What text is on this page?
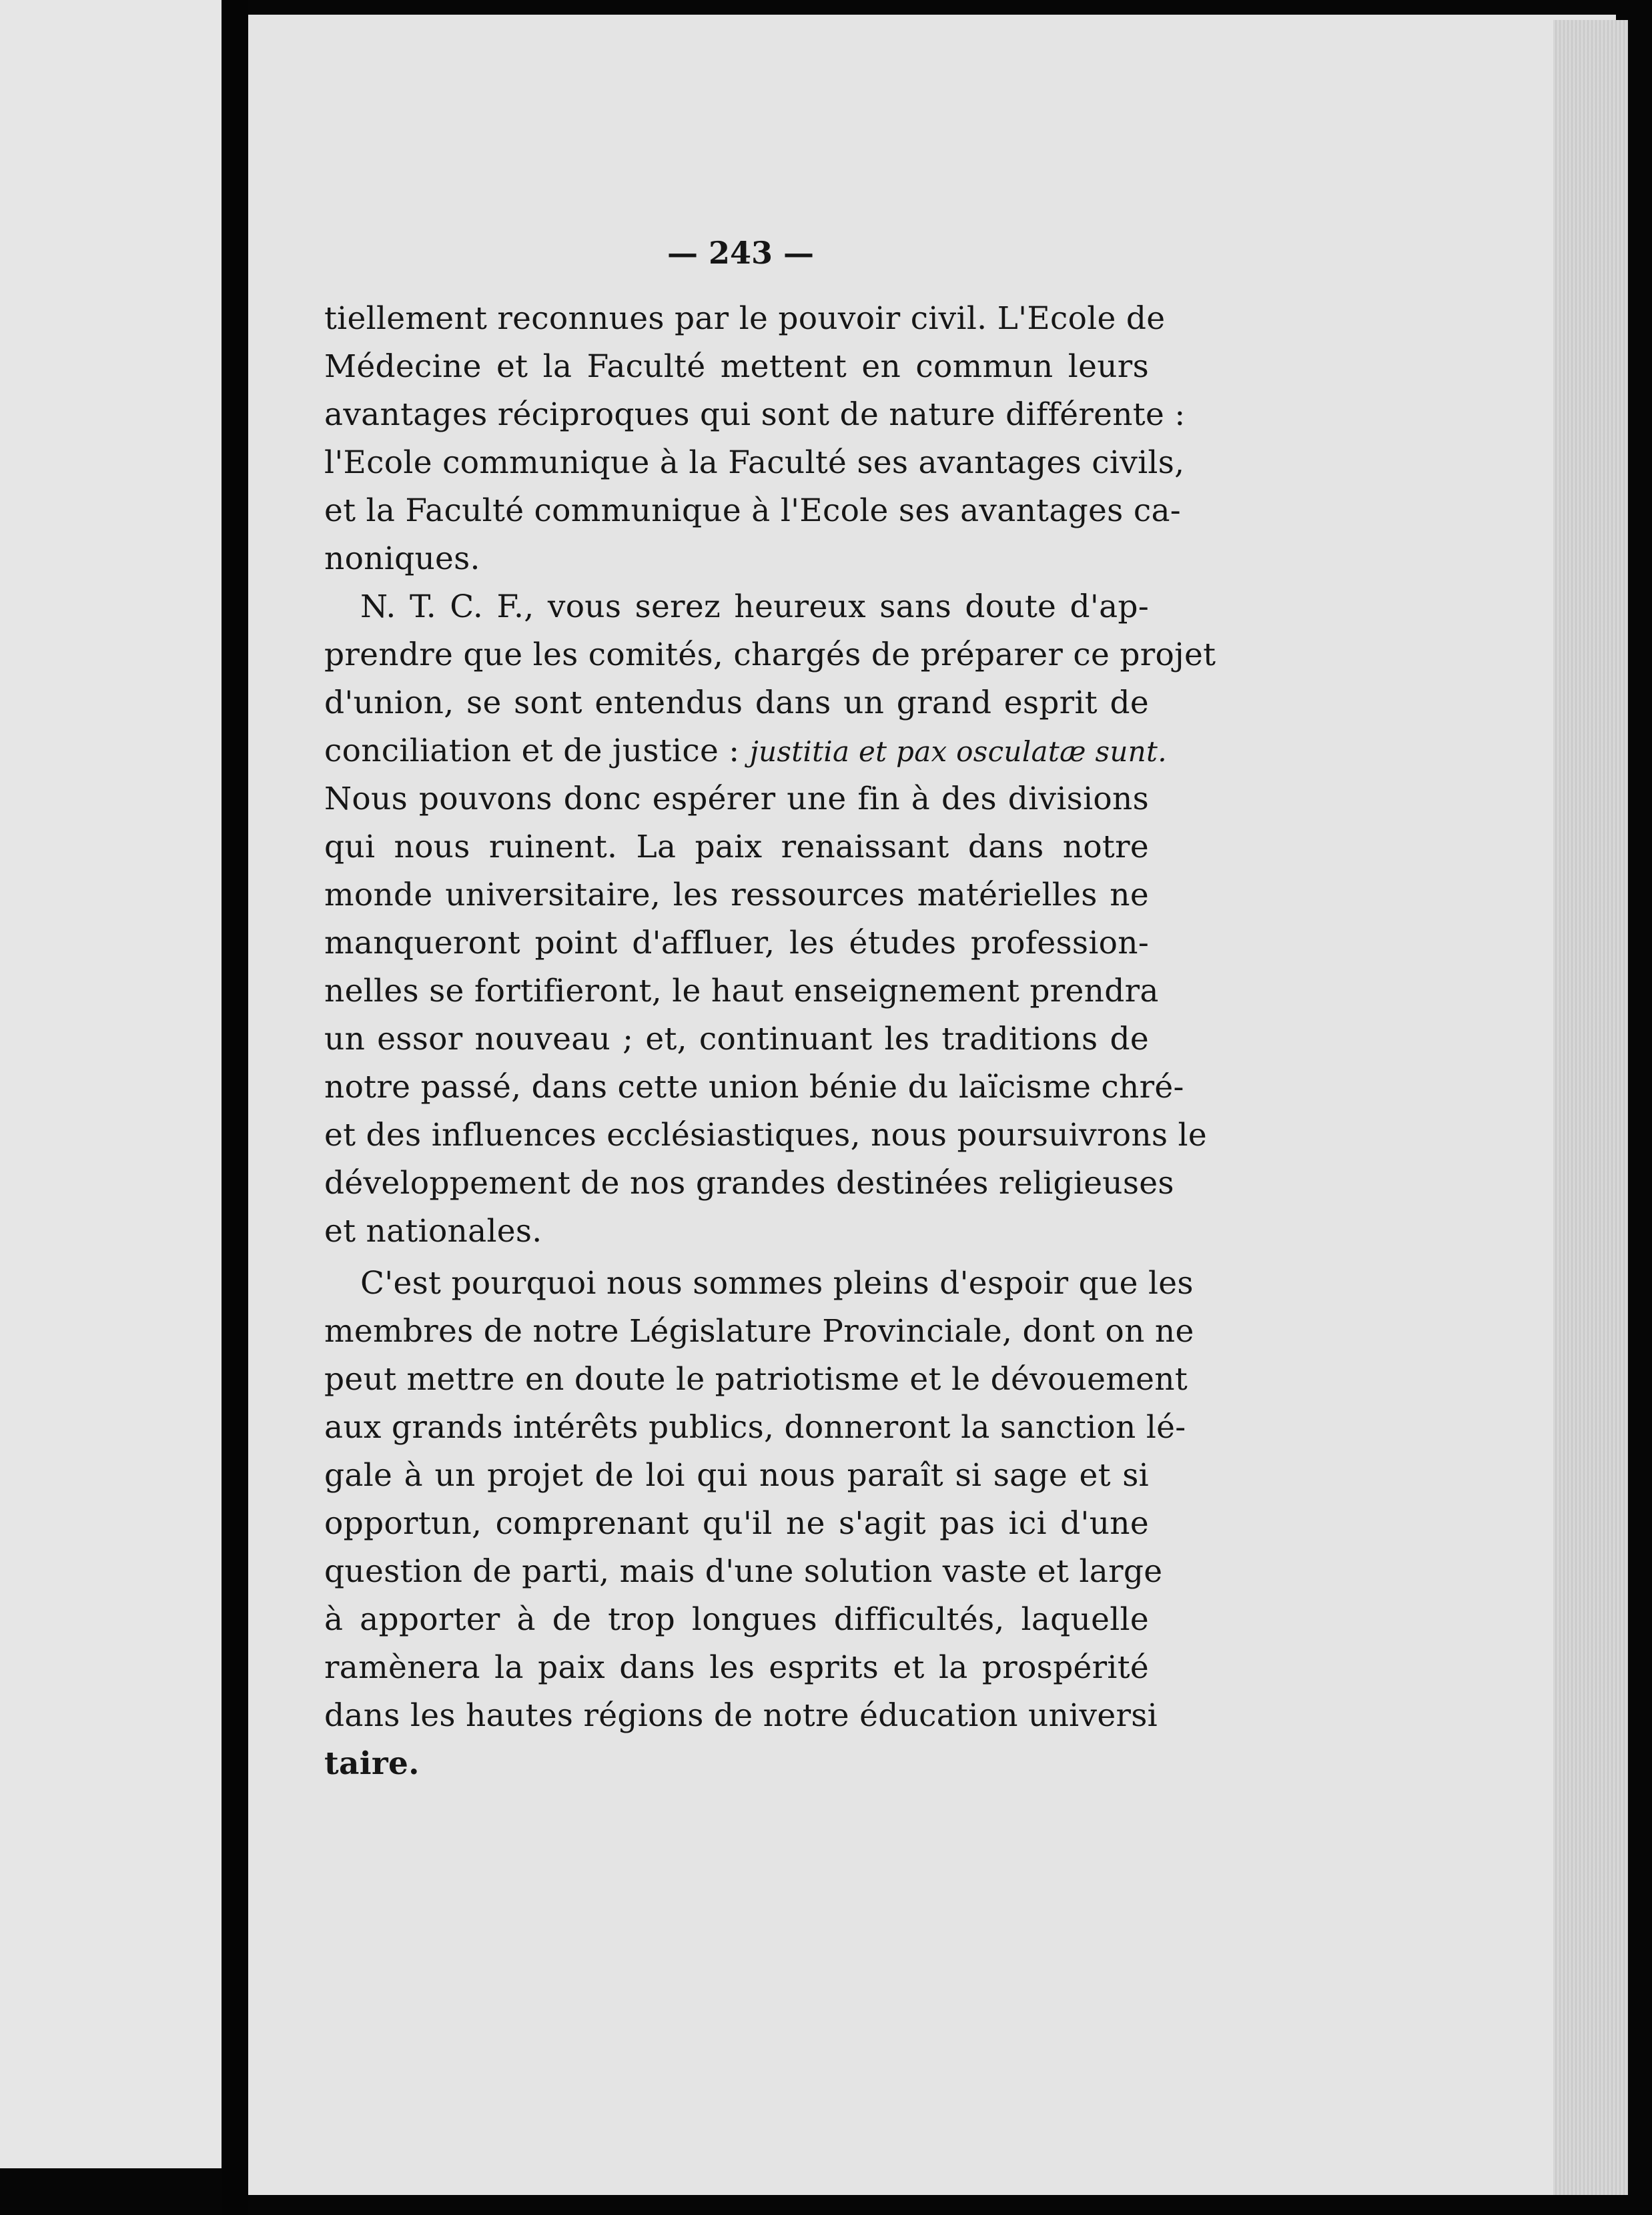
— 243 —
tiellement reconnues par le pouvoir civil. L'Ecole de
Médecine et la Faculté mettent en commun leurs
avantages réciproques qui sont de nature différente :
l'Ecole communique à la Faculté ses avantages civils,
et la Faculté communique à l'Ecole ses avantages ca-
noniques.
N. T. C. F., vous serez heureux sans doute d'ap-
prendre que les comités, chargés de préparer ce projet
d'union, se sont entendus dans un grand esprit de
conciliation et de justice : justitia et pax osculatæ sunt.
Nous pouvons donc espérer une fin à des divisions
qui nous ruinent. La paix renaissant dans notre
monde universitaire, les ressources matérielles ne
manqueront point d'affluer, les études profession-
nelles se fortifieront, le haut enseignement prendra
un essor nouveau ; et, continuant les traditions de
notre passé, dans cette union bénie du laïcisme chré-
et des influences ecclésiastiques, nous poursuivrons le
développement de nos grandes destinées religieuses
et nationales.
C'est pourquoi nous sommes pleins d'espoir que les
membres de notre Législature Provinciale, dont on ne
peut mettre en doute le patriotisme et le dévouement
aux grands intérêts publics, donneront la sanction lé-
gale à un projet de loi qui nous paraît si sage et si
opportun, comprenant qu'il ne s'agit pas ici d'une
question de parti, mais d'une solution vaste et large
à apporter à de trop longues difficultés, laquelle
ramènera la paix dans les esprits et la prospérité
dans les hautes régions de notre éducation universi
taire.
